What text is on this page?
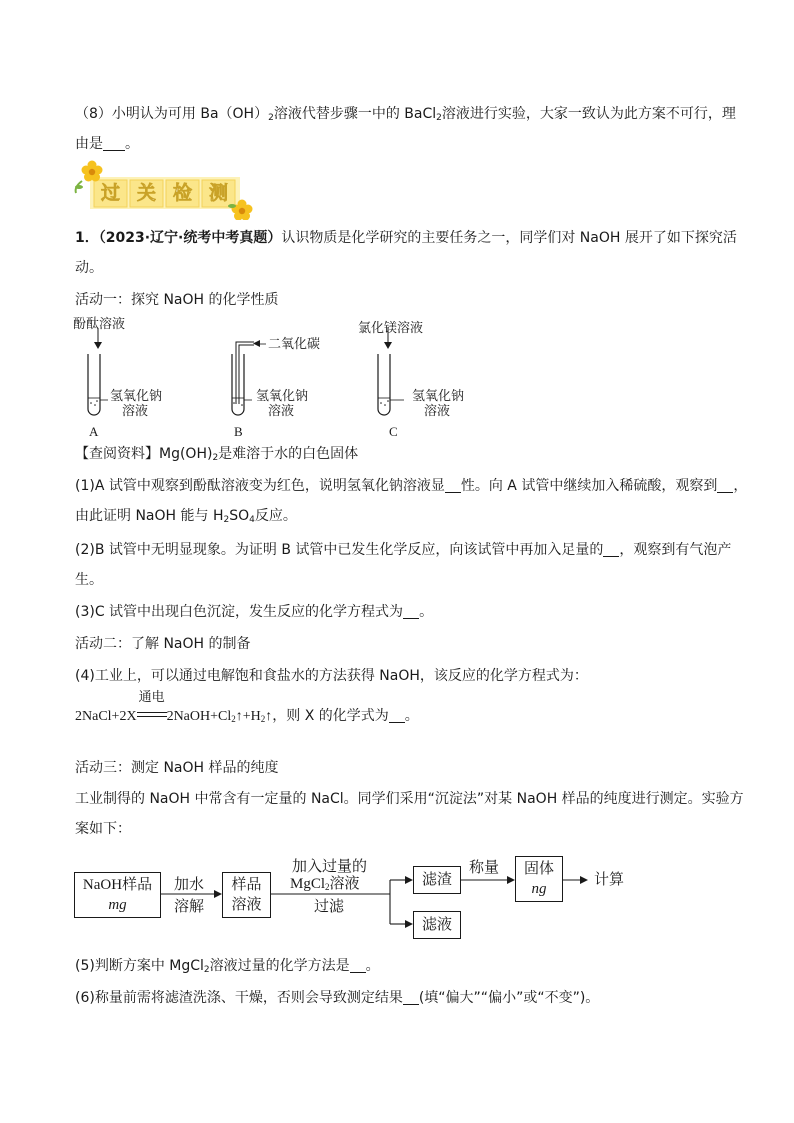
（8）小明认为可用 $Ba(OH)_2$溶液代替步骤一中的 BaCl$_2$溶液进行实验，大家一致认为此方案不可行，理
由是 。
过 关 检 测
1．（2023·辽宁·统考中考真题）认识物质是化学研究的主要任务之一，同学们对 NaOH 展开了如下探究活
动。
活动一：探究 NaOH 的化学性质
酚酞溶液
二氧化碳
氯化镁溶液
氢氧化钠
溶液
氢氧化钠
溶液
氢氧化钠
溶液
A	B	C
【查阅资料】$Mg(OH)_2$是难溶于水的白色固体
(1)A 试管中观察到酚酞溶液变为红色，说明氢氧化钠溶液显 性。向 A 试管中继续加入稀硫酸，观察到 ，
由此证明 NaOH 能与 $H_2SO_4$反应。
(2)B 试管中无明显现象。为证明 B 试管中已发生化学反应，向该试管中再加入足量的 ，观察到有气泡产
生。
(3)C 试管中出现白色沉淀，发生反应的化学方程式为 。
活动二：了解 NaOH 的制备
(4)工业上，可以通过电解饱和食盐水的方法获得 NaOH，该反应的化学方程式为：
2NaCl+2X
通电
$2NaOH+Cl_2↑+H_2↑$，则 X 的化学式为 。
活动三：测定 NaOH 样品的纯度
工业制得的 NaOH 中常含有一定量的 NaCl。同学们采用“沉淀法”对某 NaOH 样品的纯度进行测定。实验方
案如下：
NaOH样品
mg
加水
溶解
样品
溶液
加入过量的
MgCl$_2$溶液
过滤
滤渣
称量	固体
ng
计算
滤液
(5)判断方案中 MgCl$_2$溶液过量的化学方法是 。
(6)称量前需将滤渣洗涤、干燥，否则会导致测定结果 (填“偏大”“偏小”或“不变”)。
